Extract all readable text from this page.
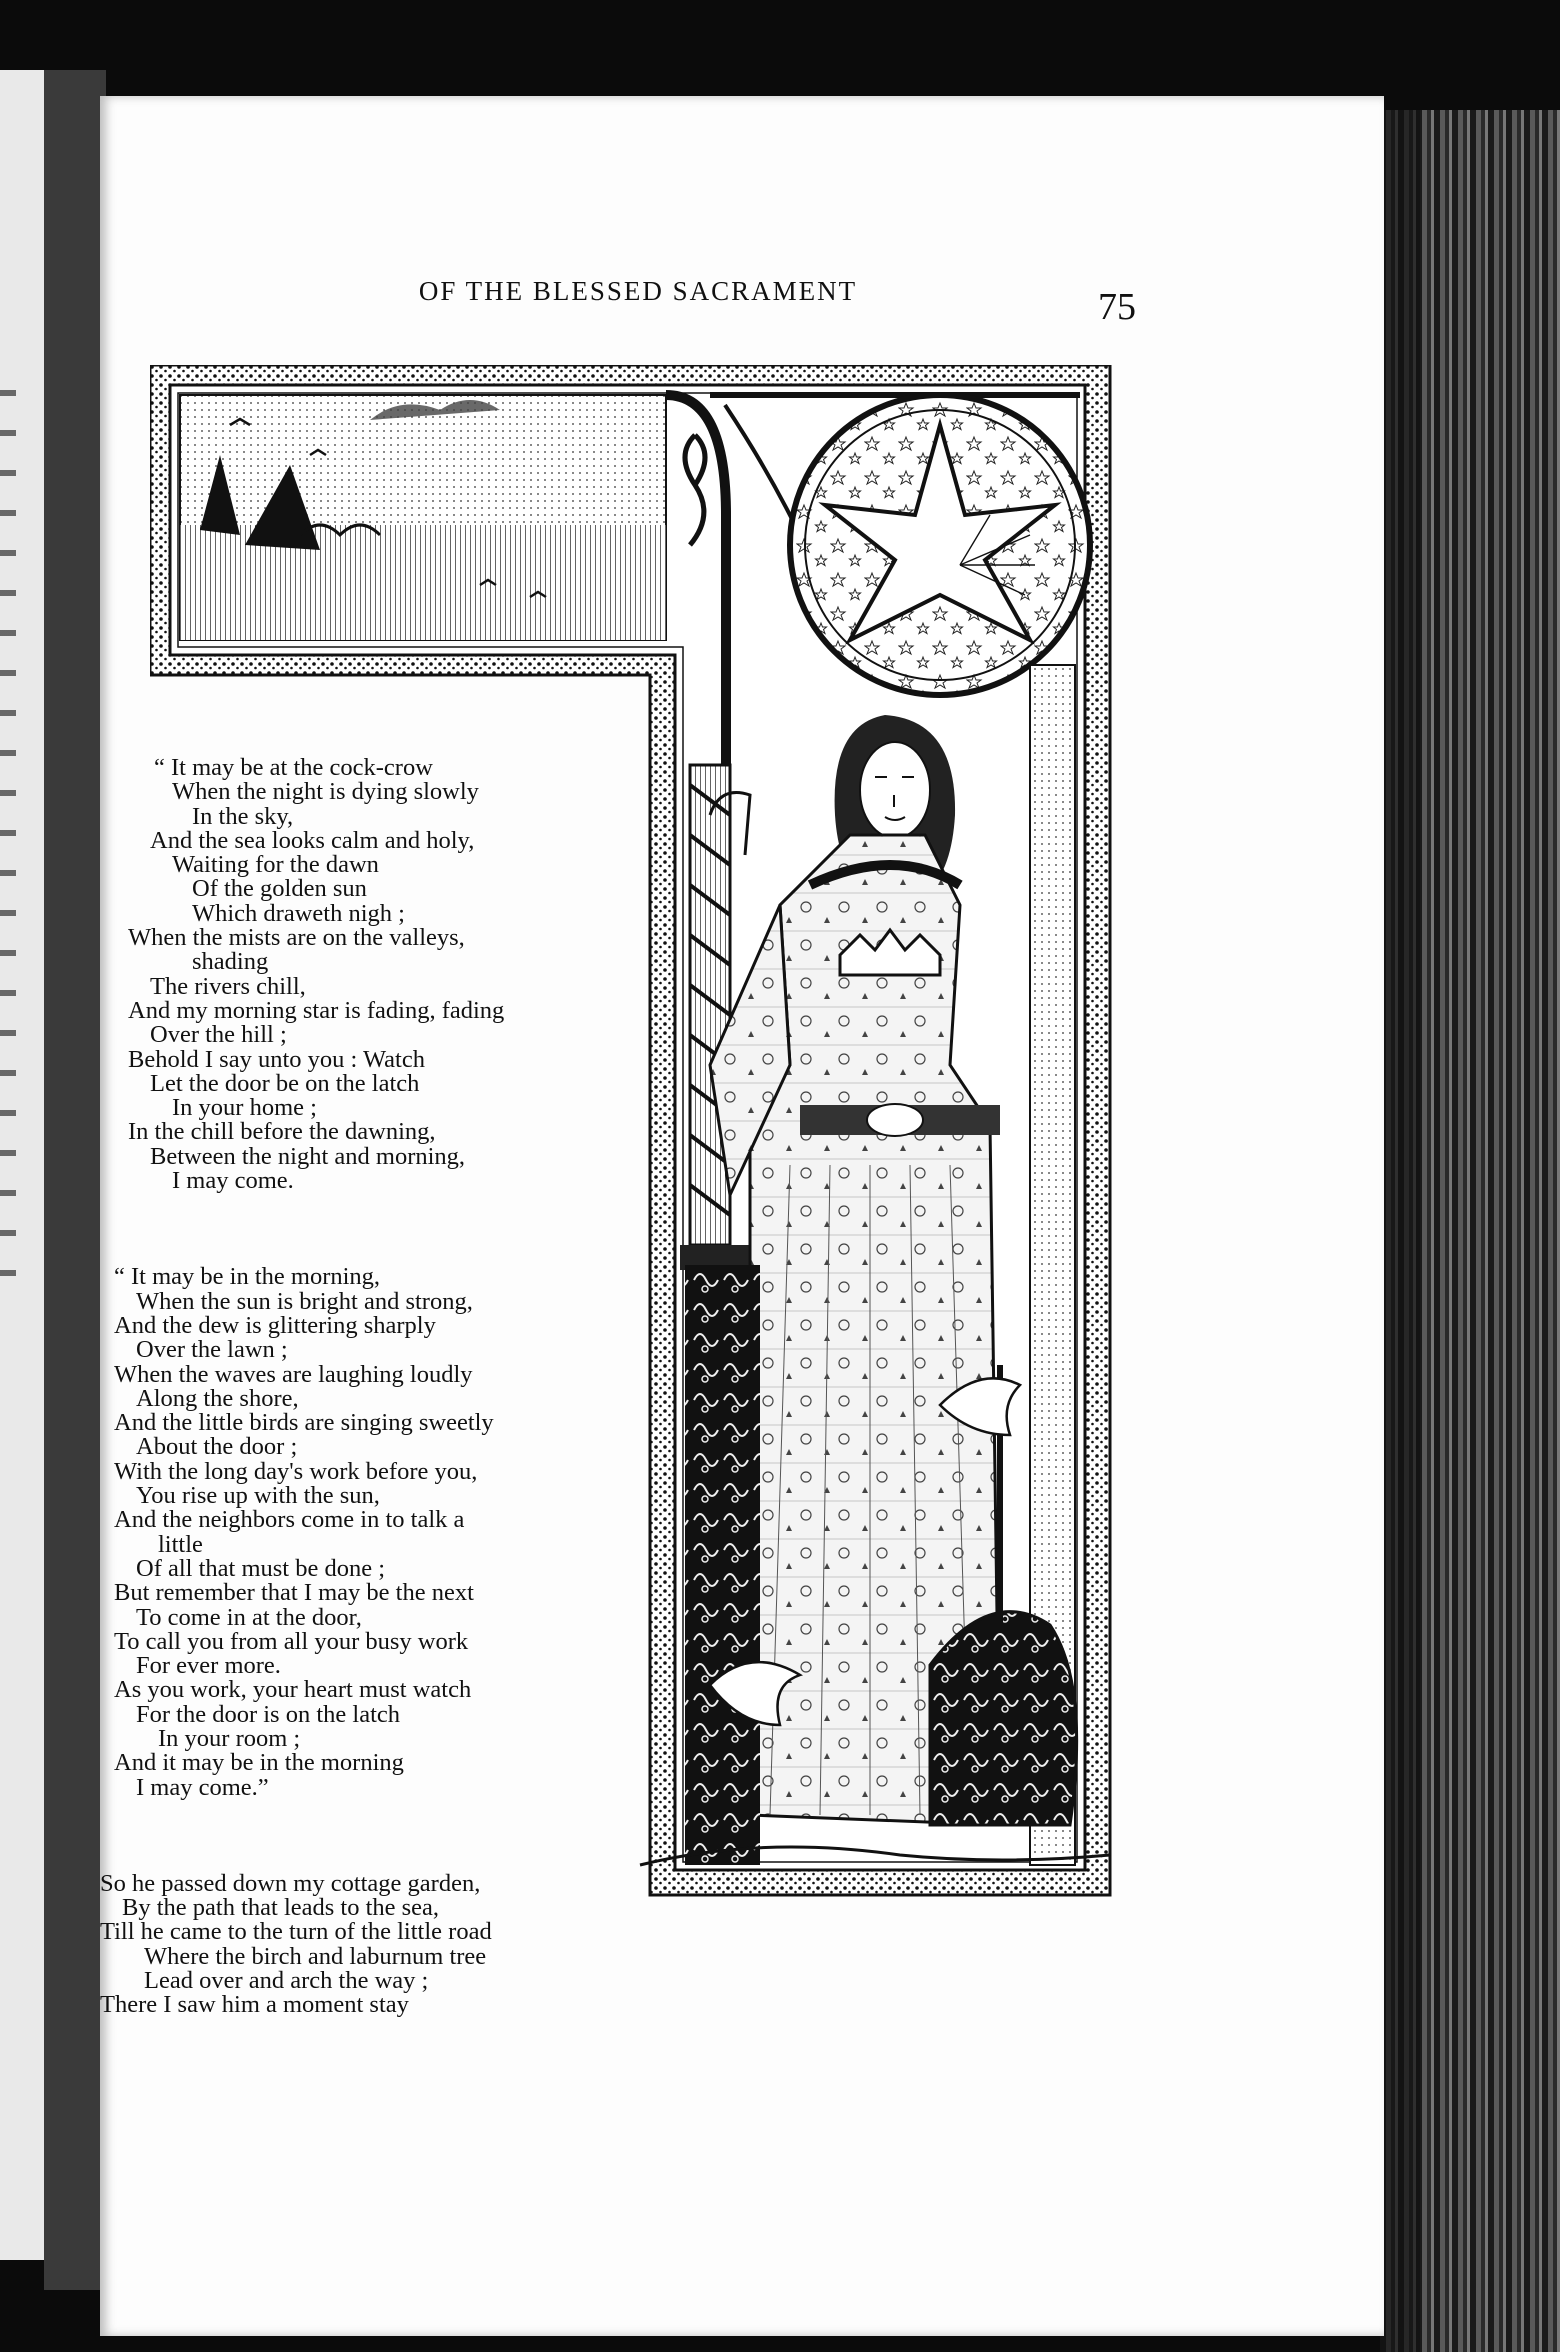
OF THE BLESSED SACRAMENT	75
“ It may be at the cock-crow
When the night is dying slowly
In the sky,
And the sea looks calm and holy,
Waiting for the dawn
Of the golden sun
Which draweth nigh ;
When the mists are on the valleys,
shading
The rivers chill,
And my morning star is fading, fading
Over the hill ;
Behold I say unto you : Watch
Let the door be on the latch
In your home ;
In the chill before the dawning,
Between the night and morning,
I may come.
“ It may be in the morning,
When the sun is bright and strong,
And the dew is glittering sharply
Over the lawn ;
When the waves are laughing loudly
Along the shore,
And the little birds are singing sweetly
About the door ;
With the long day's work before you,
You rise up with the sun,
And the neighbors come in to talk a
little
Of all that must be done ;
But remember that I may be the next
To come in at the door,
To call you from all your busy work
For ever more.
As you work, your heart must watch
For the door is on the latch
In your room ;
And it may be in the morning
I may come.”
So he passed down my cottage garden,
By the path that leads to the sea,
Till he came to the turn of the little road
Where the birch and laburnum tree
Lead over and arch the way ;
There I saw him a moment stay
